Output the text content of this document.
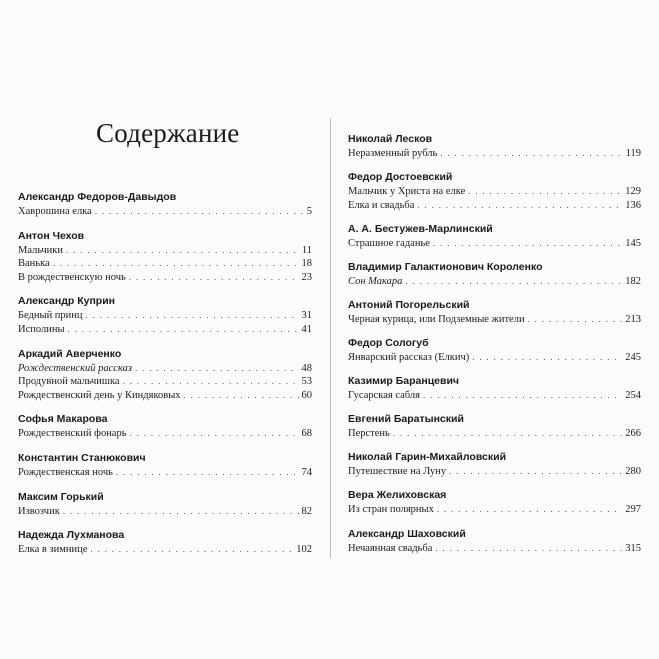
Содержание
Александр Федоров-Давыдов
Хаврошина елка . . .	5
Антон Чехов
Мальчики . . .	11
Ванька . . .	18
В рождественскую ночь . . .	23
Александр Куприн
Бедный принц . . .	31
Исполины . . .	41
Аркадий Аверченко
Рождественский рассказ . . .	48
Продувной мальчишка . . .	53
Рождественский день у Киндяковых . . .	60
Софья Макарова
Рождественский фонарь . . .	68
Константин Станюкович
Рождественская ночь . . .	74
Максим Горький
Извозчик . . .	82
Надежда Лухманова
Елка в зимнице . . .	102
Николай Лесков
Неразменный рубль . . .	119
Федор Достоевский
Мальчик у Христа на елке . . .	129
Елка и свадьба . . .	136
А. А. Бестужев-Марлинский
Страшное гаданье . . .	145
Владимир Галактионович Короленко
Сон Макара . . .	182
Антоний Погорельский
Черная курица, или Подземные жители . . .	213
Федор Сологуб
Январский рассказ (Елкич) . . .	245
Казимир Баранцевич
Гусарская сабля . . .	254
Евгений Баратынский
Перстень . . .	266
Николай Гарин-Михайловский
Путешествие на Луну . . .	280
Вера Желиховская
Из стран полярных . . .	297
Александр Шаховский
Нечаянная свадьба . . .	315
